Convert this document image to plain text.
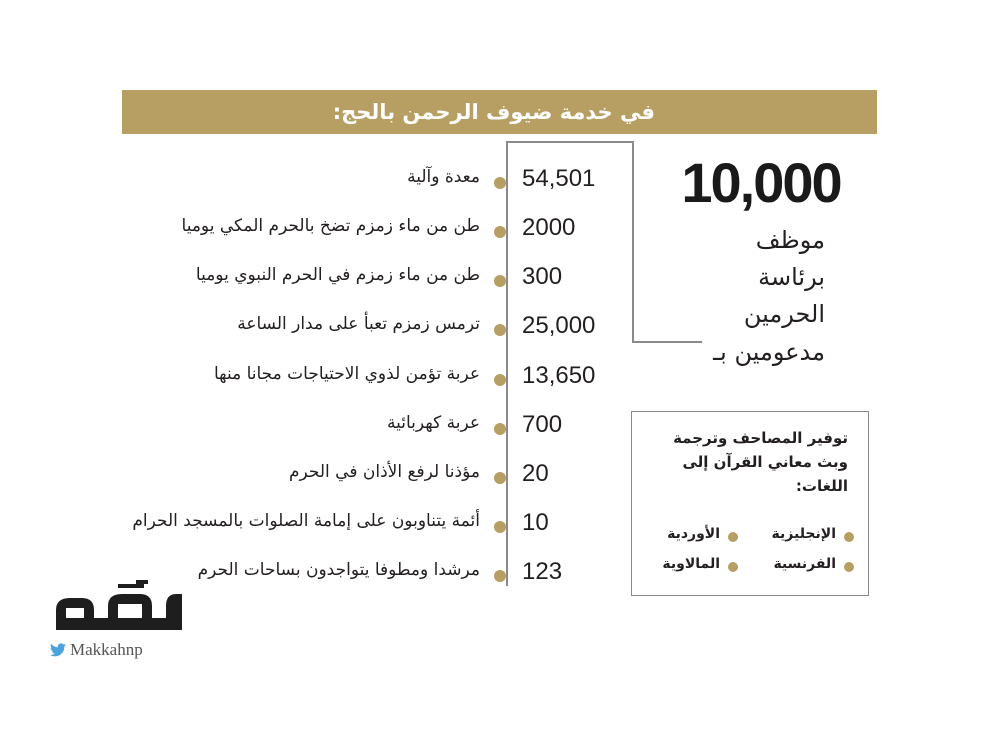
في خدمة ضيوف الرحمن بالحج:
معدة وآلية 54,501
طن من ماء زمزم تضخ بالحرم المكي يوميا 2000
طن من ماء زمزم في الحرم النبوي يوميا 300
ترمس زمزم تعبأ على مدار الساعة 25,000
عربة تؤمن لذوي الاحتياجات مجانا منها 13,650
عربة كهربائية 700
مؤذنا لرفع الأذان في الحرم 20
أئمة يتناوبون على إمامة الصلوات بالمسجد الحرام 10
مرشدا ومطوفا يتواجدون بساحات الحرم 123
10,000
موظف
برئاسة
الحرمين
مدعومين بـ
توفير المصاحف وترجمة وبث معاني القرآن إلى اللغات:
الإنجليزية
الأوردية
الفرنسية
المالاوية
Makkahnp
